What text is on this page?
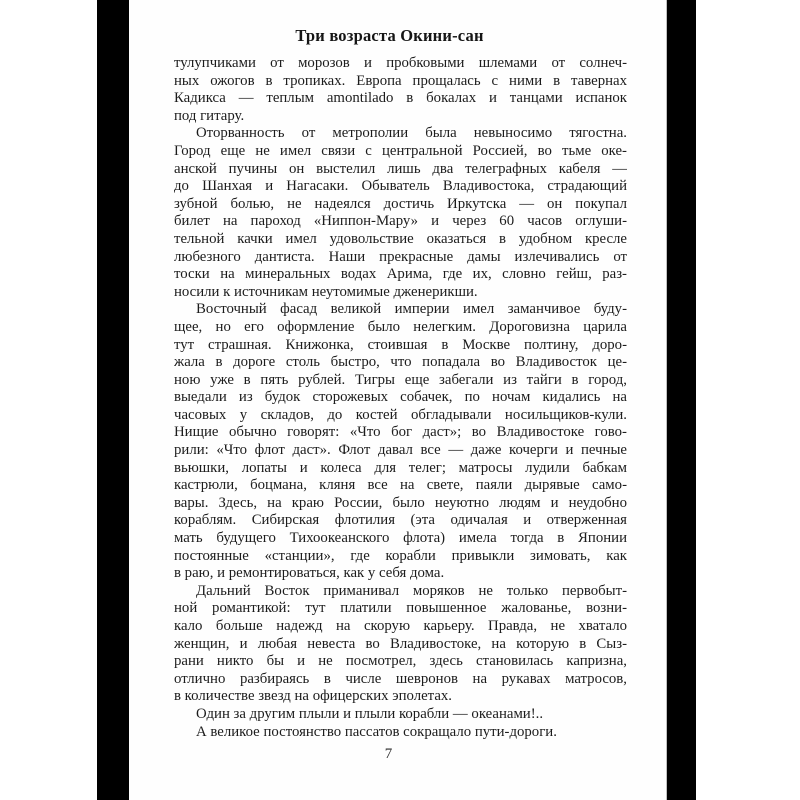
Три возраста Окини-сан
тулупчиками от морозов и пробковыми шлемами от солнеч-
ных ожогов в тропиках. Европа прощалась с ними в тавернах
Кадикса — теплым amontilado в бокалах и танцами испанок
под гитару.
Оторванность от метрополии была невыносимо тягостна.
Город еще не имел связи с центральной Россией, во тьме оке-
анской пучины он выстелил лишь два телеграфных кабеля —
до Шанхая и Нагасаки. Обыватель Владивостока, страдающий
зубной болью, не надеялся достичь Иркутска — он покупал
билет на пароход «Ниппон-Мару» и через 60 часов оглуши-
тельной качки имел удовольствие оказаться в удобном кресле
любезного дантиста. Наши прекрасные дамы излечивались от
тоски на минеральных водах Арима, где их, словно гейш, раз-
носили к источникам неутомимые дженерикши.
Восточный фасад великой империи имел заманчивое буду-
щее, но его оформление было нелегким. Дороговизна царила
тут страшная. Книжонка, стоившая в Москве полтину, доро-
жала в дороге столь быстро, что попадала во Владивосток це-
ною уже в пять рублей. Тигры еще забегали из тайги в город,
выедали из будок сторожевых собачек, по ночам кидались на
часовых у складов, до костей обгладывали носильщиков-кули.
Нищие обычно говорят: «Что бог даст»; во Владивостоке гово-
рили: «Что флот даст». Флот давал все — даже кочерги и печные
вьюшки, лопаты и колеса для телег; матросы лудили бабкам
кастрюли, боцмана, кляня все на свете, паяли дырявые само-
вары. Здесь, на краю России, было неуютно людям и неудобно
кораблям. Сибирская флотилия (эта одичалая и отверженная
мать будущего Тихоокеанского флота) имела тогда в Японии
постоянные «станции», где корабли привыкли зимовать, как
в раю, и ремонтироваться, как у себя дома.
Дальний Восток приманивал моряков не только первобыт-
ной романтикой: тут платили повышенное жалованье, возни-
кало больше надежд на скорую карьеру. Правда, не хватало
женщин, и любая невеста во Владивостоке, на которую в Сыз-
рани никто бы и не посмотрел, здесь становилась капризна,
отлично разбираясь в числе шевронов на рукавах матросов,
в количестве звезд на офицерских эполетах.
Один за другим плыли и плыли корабли — океанами!..
А великое постоянство пассатов сокращало пути-дороги.
7
